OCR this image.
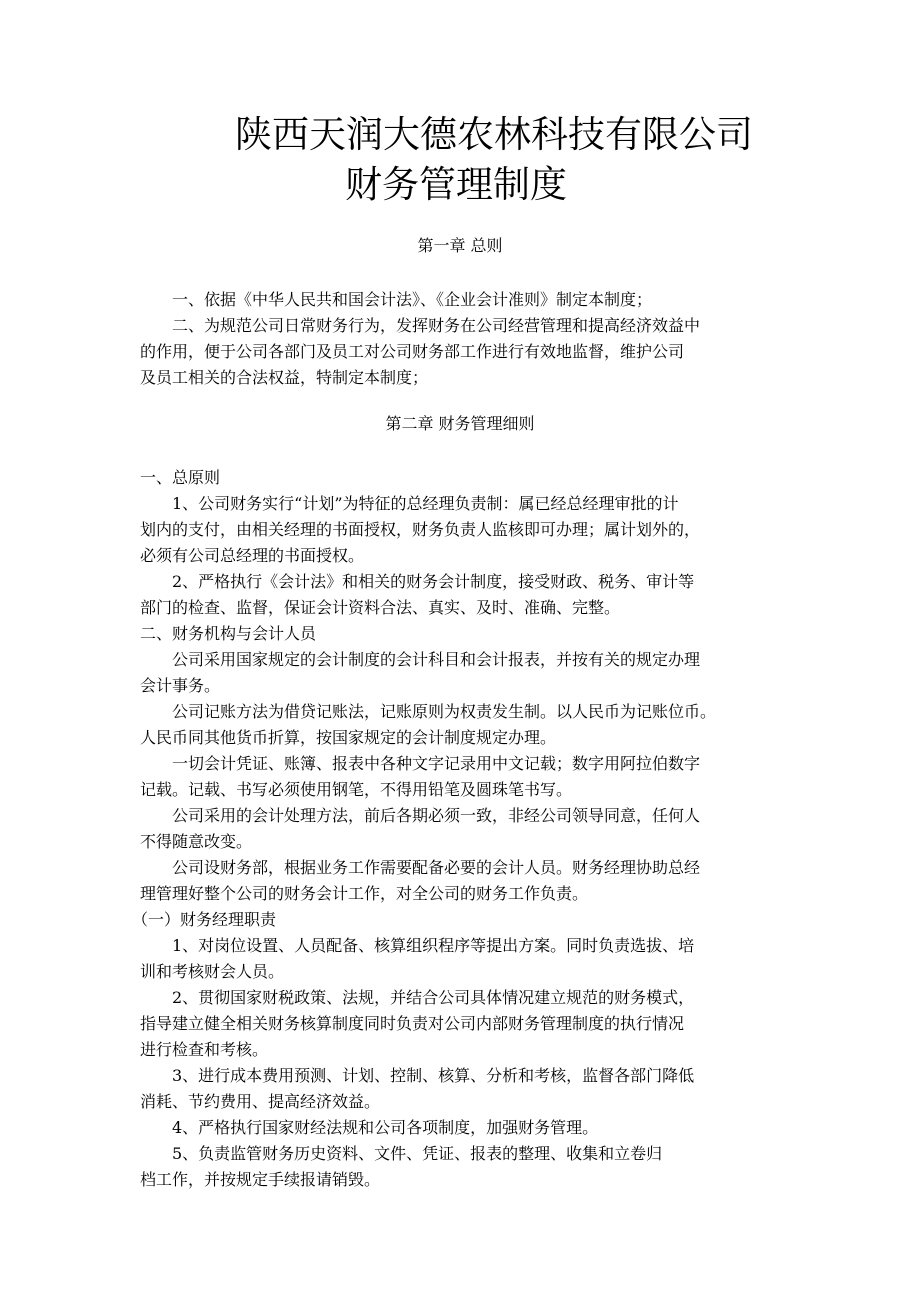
陕西天润大德农林科技有限公司
财务管理制度
第一章 总则

一、依据《中华人民共和国会计法》、《企业会计准则》制定本制度；

二、为规范公司日常财务行为，发挥财务在公司经营管理和提高经济效益中

的作用，便于公司各部门及员工对公司财务部工作进行有效地监督，维护公司

及员工相关的合法权益，特制定本制度；

第二章 财务管理细则

一、总原则

1、公司财务实行“计划”为特征的总经理负责制：属已经总经理审批的计

划内的支付，由相关经理的书面授权，财务负责人监核即可办理；属计划外的，

必须有公司总经理的书面授权。

2、严格执行《会计法》和相关的财务会计制度，接受财政、税务、审计等

部门的检查、监督，保证会计资料合法、真实、及时、准确、完整。

二、财务机构与会计人员

公司采用国家规定的会计制度的会计科目和会计报表，并按有关的规定办理

会计事务。

公司记账方法为借贷记账法，记账原则为权责发生制。以人民币为记账位币。

人民币同其他货币折算，按国家规定的会计制度规定办理。

一切会计凭证、账簿、报表中各种文字记录用中文记载；数字用阿拉伯数字

记载。记载、书写必须使用钢笔，不得用铅笔及圆珠笔书写。

公司采用的会计处理方法，前后各期必须一致，非经公司领导同意，任何人

不得随意改变。

公司设财务部，根据业务工作需要配备必要的会计人员。财务经理协助总经

理管理好整个公司的财务会计工作，对全公司的财务工作负责。

（一）财务经理职责

1、对岗位设置、人员配备、核算组织程序等提出方案。同时负责选拔、培

训和考核财会人员。

2、贯彻国家财税政策、法规，并结合公司具体情况建立规范的财务模式，

指导建立健全相关财务核算制度同时负责对公司内部财务管理制度的执行情况

进行检查和考核。

3、进行成本费用预测、计划、控制、核算、分析和考核，监督各部门降低

消耗、节约费用、提高经济效益。

4、严格执行国家财经法规和公司各项制度，加强财务管理。

5、负责监管财务历史资料、文件、凭证、报表的整理、收集和立卷归

档工作，并按规定手续报请销毁。
